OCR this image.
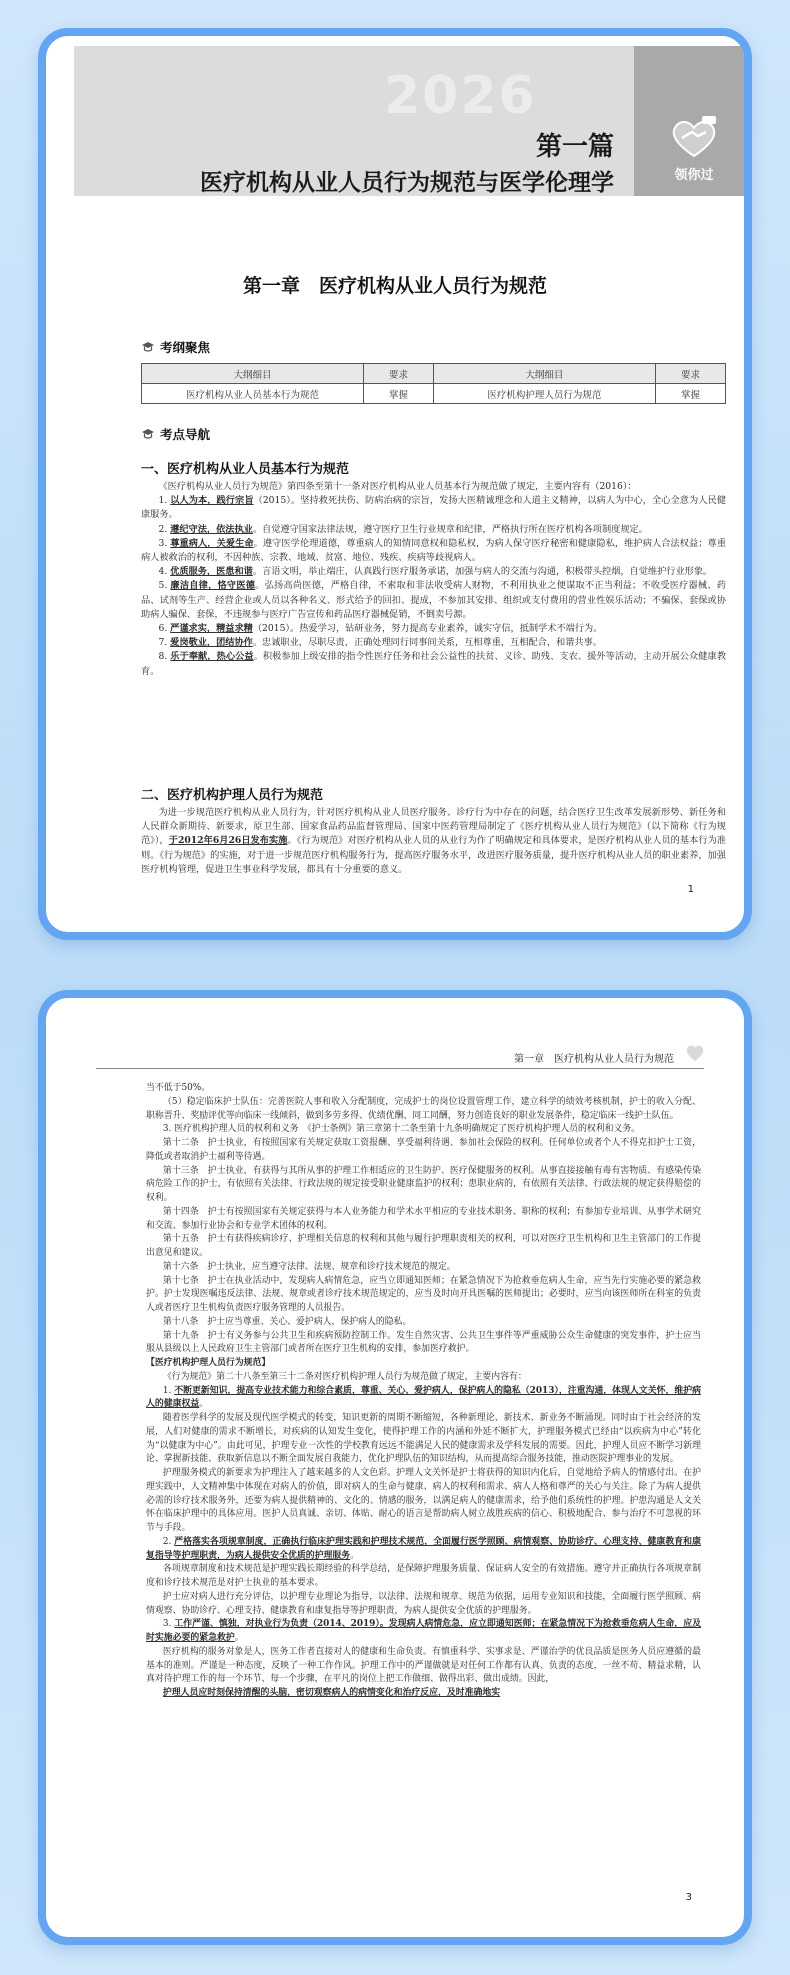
2026
第一篇
医疗机构从业人员行为规范与医学伦理学	领你过
第一章　医疗机构从业人员行为规范
考纲聚焦
大纲细目	要求	大纲细目	要求
医疗机构从业人员基本行为规范	掌握	医疗机构护理人员行为规范	掌握
考点导航
一、医疗机构从业人员基本行为规范

《医疗机构从业人员行为规范》第四条至第十一条对医疗机构从业人员基本行为规范做了规定，主要内容有（2016）：

1. 以人为本，践行宗旨（2015）。坚持救死扶伤、防病治病的宗旨，发扬大医精诚理念和人道主义精神，以病人为中心，全心全意为人民健康服务。

2. 遵纪守法，依法执业。自觉遵守国家法律法规，遵守医疗卫生行业规章和纪律，严格执行所在医疗机构各项制度规定。

3. 尊重病人，关爱生命。遵守医学伦理道德，尊重病人的知情同意权和隐私权，为病人保守医疗秘密和健康隐私，维护病人合法权益；尊重病人被救治的权利，不因种族、宗教、地域、贫富、地位、残疾、疾病等歧视病人。

4. 优质服务，医患和谐。言语文明，举止端庄，认真践行医疗服务承诺，加强与病人的交流与沟通，积极带头控烟，自觉维护行业形象。

5. 廉洁自律，恪守医德。弘扬高尚医德，严格自律，不索取和非法收受病人财物，不利用执业之便谋取不正当利益；不收受医疗器械、药品、试剂等生产、经营企业或人员以各种名义、形式给予的回扣、提成，不参加其安排、组织或支付费用的营业性娱乐活动；不骗保、套保或协助病人骗保、套保，不违规参与医疗广告宣传和药品医疗器械促销，不倒卖号源。

6. 严谨求实，精益求精（2015）。热爱学习，钻研业务，努力提高专业素养，诚实守信，抵制学术不端行为。

7. 爱岗敬业，团结协作。忠诚职业，尽职尽责，正确处理同行同事间关系，互相尊重，互相配合，和谐共事。

8. 乐于奉献，热心公益。积极参加上级安排的指令性医疗任务和社会公益性的扶贫、义诊、助残、支农、援外等活动，主动开展公众健康教育。

二、医疗机构护理人员行为规范

为进一步规范医疗机构从业人员行为，针对医疗机构从业人员医疗服务、诊疗行为中存在的问题，结合医疗卫生改革发展新形势、新任务和人民群众新期待、新要求，原卫生部、国家食品药品监督管理局、国家中医药管理局制定了《医疗机构从业人员行为规范》（以下简称《行为规范》），于2012年6月26日发布实施。《行为规范》对医疗机构从业人员的从业行为作了明确规定和具体要求，是医疗机构从业人员的基本行为准则。《行为规范》的实施，对于进一步规范医疗机构服务行为，提高医疗服务水平，改进医疗服务质量，提升医疗机构从业人员的职业素养，加强医疗机构管理，促进卫生事业科学发展，都具有十分重要的意义。

1
第一章　医疗机构从业人员行为规范

当不低于50%。

（5）稳定临床护士队伍：完善医院人事和收入分配制度，完成护士的岗位设置管理工作，建立科学的绩效考核机制，护士的收入分配、职称晋升、奖励评优等向临床一线倾斜，做到多劳多得、优绩优酬、同工同酬，努力创造良好的职业发展条件，稳定临床一线护士队伍。

3. 医疗机构护理人员的权利和义务　《护士条例》第三章第十二条至第十九条明确规定了医疗机构护理人员的权利和义务。

第十二条　护士执业，有按照国家有关规定获取工资报酬、享受福利待遇、参加社会保险的权利。任何单位或者个人不得克扣护士工资，降低或者取消护士福利等待遇。

第十三条　护士执业，有获得与其所从事的护理工作相适应的卫生防护、医疗保健服务的权利。从事直接接触有毒有害物质、有感染传染病危险工作的护士，有依照有关法律、行政法规的规定接受职业健康监护的权利；患职业病的，有依照有关法律、行政法规的规定获得赔偿的权利。

第十四条　护士有按照国家有关规定获得与本人业务能力和学术水平相应的专业技术职务、职称的权利；有参加专业培训、从事学术研究和交流、参加行业协会和专业学术团体的权利。

第十五条　护士有获得疾病诊疗、护理相关信息的权利和其他与履行护理职责相关的权利，可以对医疗卫生机构和卫生主管部门的工作提出意见和建议。

第十六条　护士执业，应当遵守法律、法规、规章和诊疗技术规范的规定。

第十七条　护士在执业活动中，发现病人病情危急，应当立即通知医师；在紧急情况下为抢救垂危病人生命，应当先行实施必要的紧急救护。护士发现医嘱违反法律、法规、规章或者诊疗技术规范规定的，应当及时向开具医嘱的医师提出；必要时，应当向该医师所在科室的负责人或者医疗卫生机构负责医疗服务管理的人员报告。

第十八条　护士应当尊重、关心、爱护病人，保护病人的隐私。

第十九条　护士有义务参与公共卫生和疾病预防控制工作。发生自然灾害、公共卫生事件等严重威胁公众生命健康的突发事件，护士应当服从县级以上人民政府卫生主管部门或者所在医疗卫生机构的安排，参加医疗救护。

【医疗机构护理人员行为规范】

《行为规范》第二十八条至第三十二条对医疗机构护理人员行为规范做了规定，主要内容有：

1. 不断更新知识，提高专业技术能力和综合素质，尊重、关心、爱护病人，保护病人的隐私（2013），注重沟通，体现人文关怀，维护病人的健康权益。

随着医学科学的发展及现代医学模式的转变，知识更新的周期不断缩短，各种新理论、新技术、新业务不断涌现。同时由于社会经济的发展，人们对健康的需求不断增长，对疾病的认知发生变化，使得护理工作的内涵和外延不断扩大，护理服务模式已经由“以疾病为中心”转化为“以健康为中心”。由此可见，护理专业一次性的学校教育远远不能满足人民的健康需求及学科发展的需要。因此，护理人员应不断学习新理论、掌握新技能、获取新信息以不断全面发展自我能力，优化护理队伍的知识结构，从而提高综合服务技能，推动医院护理事业的发展。

护理服务模式的新要求为护理注入了越来越多的人文色彩。护理人文关怀是护士将获得的知识内化后，自觉地给予病人的情感付出。在护理实践中，人文精神集中体现在对病人的价值，即对病人的生命与健康、病人的权利和需求、病人人格和尊严的关心与关注。除了为病人提供必需的诊疗技术服务外，还要为病人提供精神的、文化的、情感的服务，以满足病人的健康需求，给予他们系统性的护理。护患沟通是人文关怀在临床护理中的具体应用。医护人员真诚、亲切、体贴、耐心的语言是帮助病人树立战胜疾病的信心、积极地配合、参与治疗不可忽视的环节与手段。

2. 严格落实各项规章制度，正确执行临床护理实践和护理技术规范，全面履行医学照顾、病情观察、协助诊疗、心理支持、健康教育和康复指导等护理职责，为病人提供安全优质的护理服务。

各项规章制度和技术规范是护理实践长期经验的科学总结，是保障护理服务质量、保证病人安全的有效措施。遵守并正确执行各项规章制度和诊疗技术规范是对护士执业的基本要求。

护士应对病人进行充分评估，以护理专业理论为指导，以法律、法规和规章、规范为依据，运用专业知识和技能，全面履行医学照顾、病情观察、协助诊疗、心理支持、健康教育和康复指导等护理职责，为病人提供安全优质的护理服务。

3. 工作严谨、慎独，对执业行为负责（2014、2019）。发现病人病情危急，应立即通知医师；在紧急情况下为抢救垂危病人生命，应及时实施必要的紧急救护。

医疗机构的服务对象是人，医务工作者直接对人的健康和生命负责。有慎重科学、实事求是、严谨治学的优良品质是医务人员应遵循的最基本的准则。严谨是一种态度，反映了一种工作作风。护理工作中的严谨做就是对任何工作都有认真、负责的态度，一丝不苟、精益求精，认真对待护理工作的每一个环节、每一个步骤，在平凡的岗位上把工作做细、做得出彩、做出成绩。因此，

护理人员应时刻保持清醒的头脑，密切观察病人的病情变化和治疗反应，及时准确地实

3
